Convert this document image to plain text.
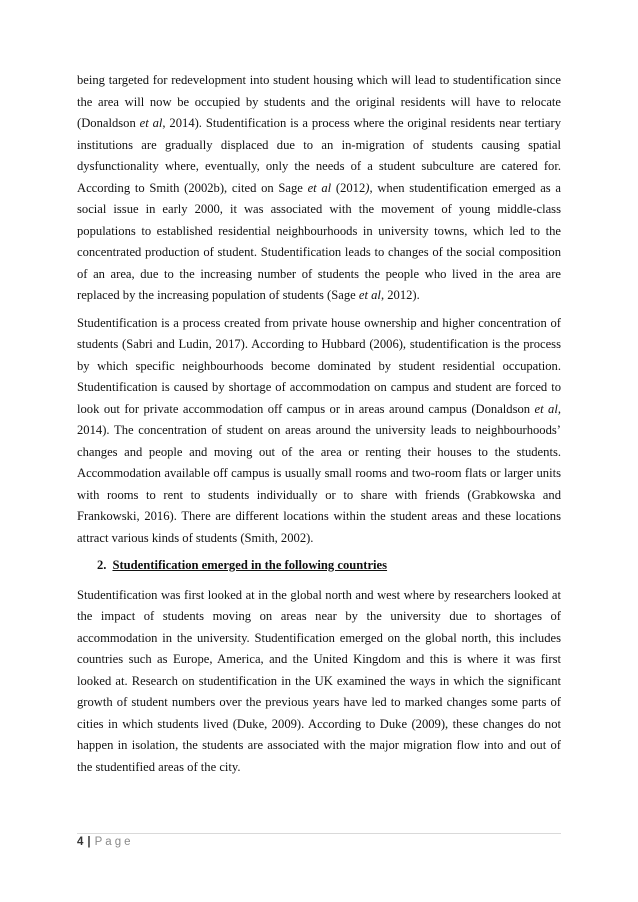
being targeted for redevelopment into student housing which will lead to studentification since the area will now be occupied by students and the original residents will have to relocate (Donaldson et al, 2014). Studentification is a process where the original residents near tertiary institutions are gradually displaced due to an in-migration of students causing spatial dysfunctionality where, eventually, only the needs of a student subculture are catered for. According to Smith (2002b), cited on Sage et al (2012), when studentification emerged as a social issue in early 2000, it was associated with the movement of young middle-class populations to established residential neighbourhoods in university towns, which led to the concentrated production of student. Studentification leads to changes of the social composition of an area, due to the increasing number of students the people who lived in the area are replaced by the increasing population of students (Sage et al, 2012).

Studentification is a process created from private house ownership and higher concentration of students (Sabri and Ludin, 2017). According to Hubbard (2006), studentification is the process by which specific neighbourhoods become dominated by student residential occupation. Studentification is caused by shortage of accommodation on campus and student are forced to look out for private accommodation off campus or in areas around campus (Donaldson et al, 2014). The concentration of student on areas around the university leads to neighbourhoods’ changes and people and moving out of the area or renting their houses to the students. Accommodation available off campus is usually small rooms and two-room flats or larger units with rooms to rent to students individually or to share with friends (Grabkowska and Frankowski, 2016). There are different locations within the student areas and these locations attract various kinds of students (Smith, 2002).

2. Studentification emerged in the following countries

Studentification was first looked at in the global north and west where by researchers looked at the impact of students moving on areas near by the university due to shortages of accommodation in the university. Studentification emerged on the global north, this includes countries such as Europe, America, and the United Kingdom and this is where it was first looked at. Research on studentification in the UK examined the ways in which the significant growth of student numbers over the previous years have led to marked changes some parts of cities in which students lived (Duke, 2009). According to Duke (2009), these changes do not happen in isolation, the students are associated with the major migration flow into and out of the studentified areas of the city.

4 | Page
